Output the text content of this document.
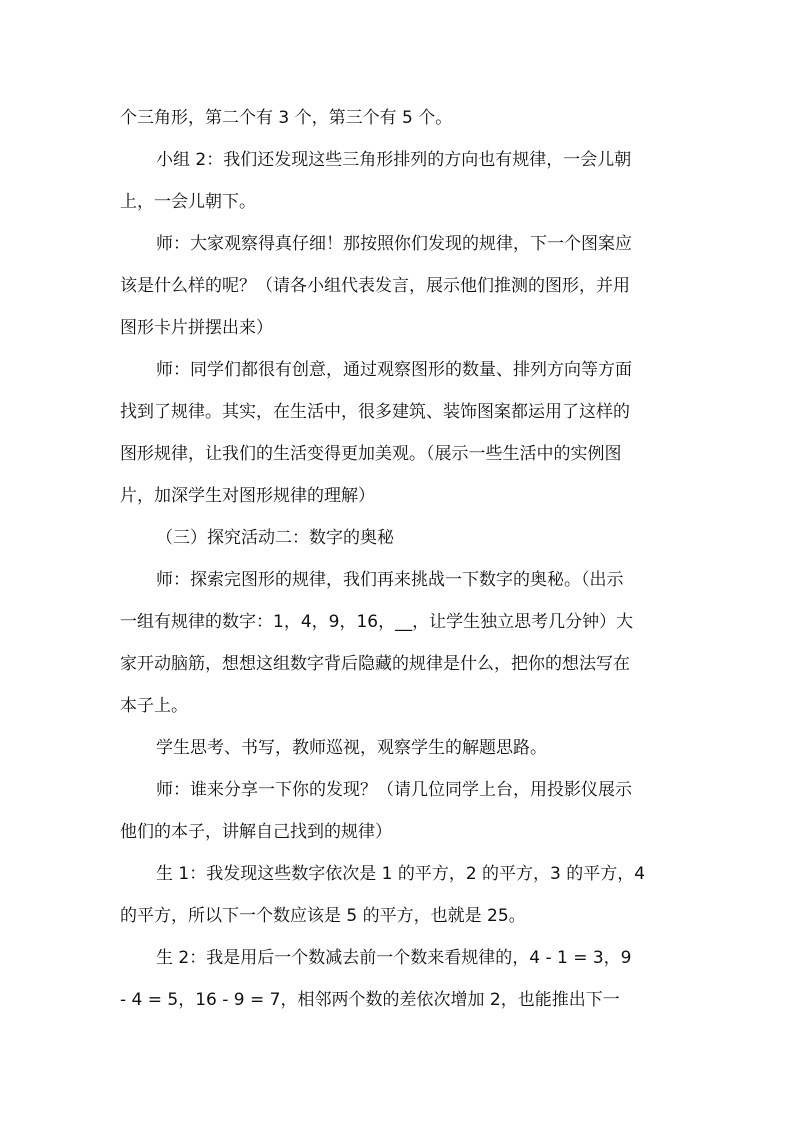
个三角形，第二个有 3 个，第三个有 5 个。
小组 2：我们还发现这些三角形排列的方向也有规律，一会儿朝
上，一会儿朝下。
师：大家观察得真仔细！那按照你们发现的规律，下一个图案应
该是什么样的呢？（请各小组代表发言，展示他们推测的图形，并用
图形卡片拼摆出来）
师：同学们都很有创意，通过观察图形的数量、排列方向等方面
找到了规律。其实，在生活中，很多建筑、装饰图案都运用了这样的
图形规律，让我们的生活变得更加美观。（展示一些生活中的实例图
片，加深学生对图形规律的理解）
（三）探究活动二：数字的奥秘
师：探索完图形的规律，我们再来挑战一下数字的奥秘。（出示
一组有规律的数字：1，4，9，16，__，让学生独立思考几分钟）大
家开动脑筋，想想这组数字背后隐藏的规律是什么，把你的想法写在
本子上。
学生思考、书写，教师巡视，观察学生的解题思路。
师：谁来分享一下你的发现？（请几位同学上台，用投影仪展示
他们的本子，讲解自己找到的规律）
生 1：我发现这些数字依次是 1 的平方，2 的平方，3 的平方，4
的平方，所以下一个数应该是 5 的平方，也就是 25。
生 2：我是用后一个数减去前一个数来看规律的，4 - 1 = 3，9
- 4 = 5，16 - 9 = 7，相邻两个数的差依次增加 2，也能推出下一
